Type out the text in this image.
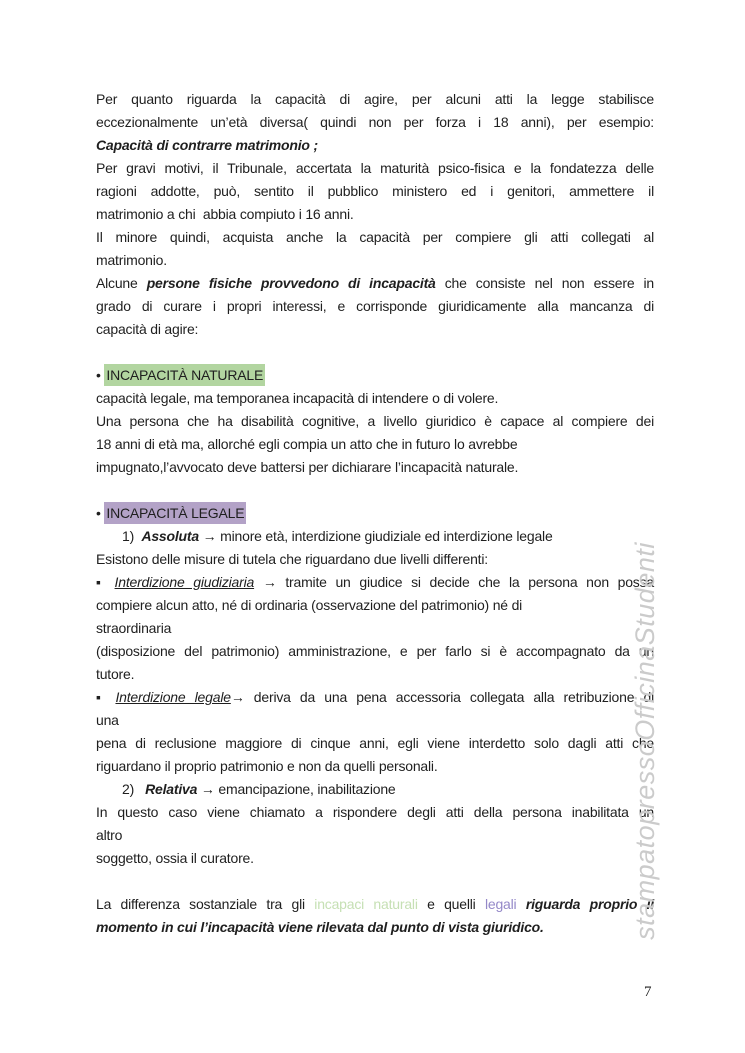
Per quanto riguarda la capacità di agire, per alcuni atti la legge stabilisce
eccezionalmente un’età diversa( quindi non per forza i 18 anni), per esempio:
Capacità di contrarre matrimonio ;
Per gravi motivi, il Tribunale, accertata la maturità psico-fisica e la fondatezza delle
ragioni addotte, può, sentito il pubblico ministero ed i genitori, ammettere il
matrimonio a chi  abbia compiuto i 16 anni.
Il minore quindi, acquista anche la capacità per compiere gli atti collegati al
matrimonio.
Alcune persone fisiche provvedono di incapacità che consiste nel non essere in
grado di curare i propri interessi, e corrisponde giuridicamente alla mancanza di
capacità di agire:

• INCAPACITÀ NATURALE
capacità legale, ma temporanea incapacità di intendere o di volere.
Una persona che ha disabilità cognitive, a livello giuridico è capace al compiere dei
18 anni di età ma, allorché egli compia un atto che in futuro lo avrebbe
impugnato,l’avvocato deve battersi per dichiarare l’incapacità naturale.

• INCAPACITÀ LEGALE
1)  Assoluta → minore età, interdizione giudiziale ed interdizione legale
Esistono delle misure di tutela che riguardano due livelli differenti:
▪ Interdizione giudiziaria → tramite un giudice si decide che la persona non possa
compiere alcun atto, né di ordinaria (osservazione del patrimonio) né di
straordinaria
(disposizione del patrimonio) amministrazione, e per farlo si è accompagnato da un
tutore.
▪ Interdizione legale→ deriva da una pena accessoria collegata alla retribuzione di
una
pena di reclusione maggiore di cinque anni, egli viene interdetto solo dagli atti che
riguardano il proprio patrimonio e non da quelli personali.
2)   Relativa → emancipazione, inabilitazione
In questo caso viene chiamato a rispondere degli atti della persona inabilitata un
altro
soggetto, ossia il curatore.

La differenza sostanziale tra gli incapaci naturali e quelli legali riguarda proprio il
momento in cui l’incapacità viene rilevata dal punto di vista giuridico.	stampatopressoOfficinaStudenti
7
